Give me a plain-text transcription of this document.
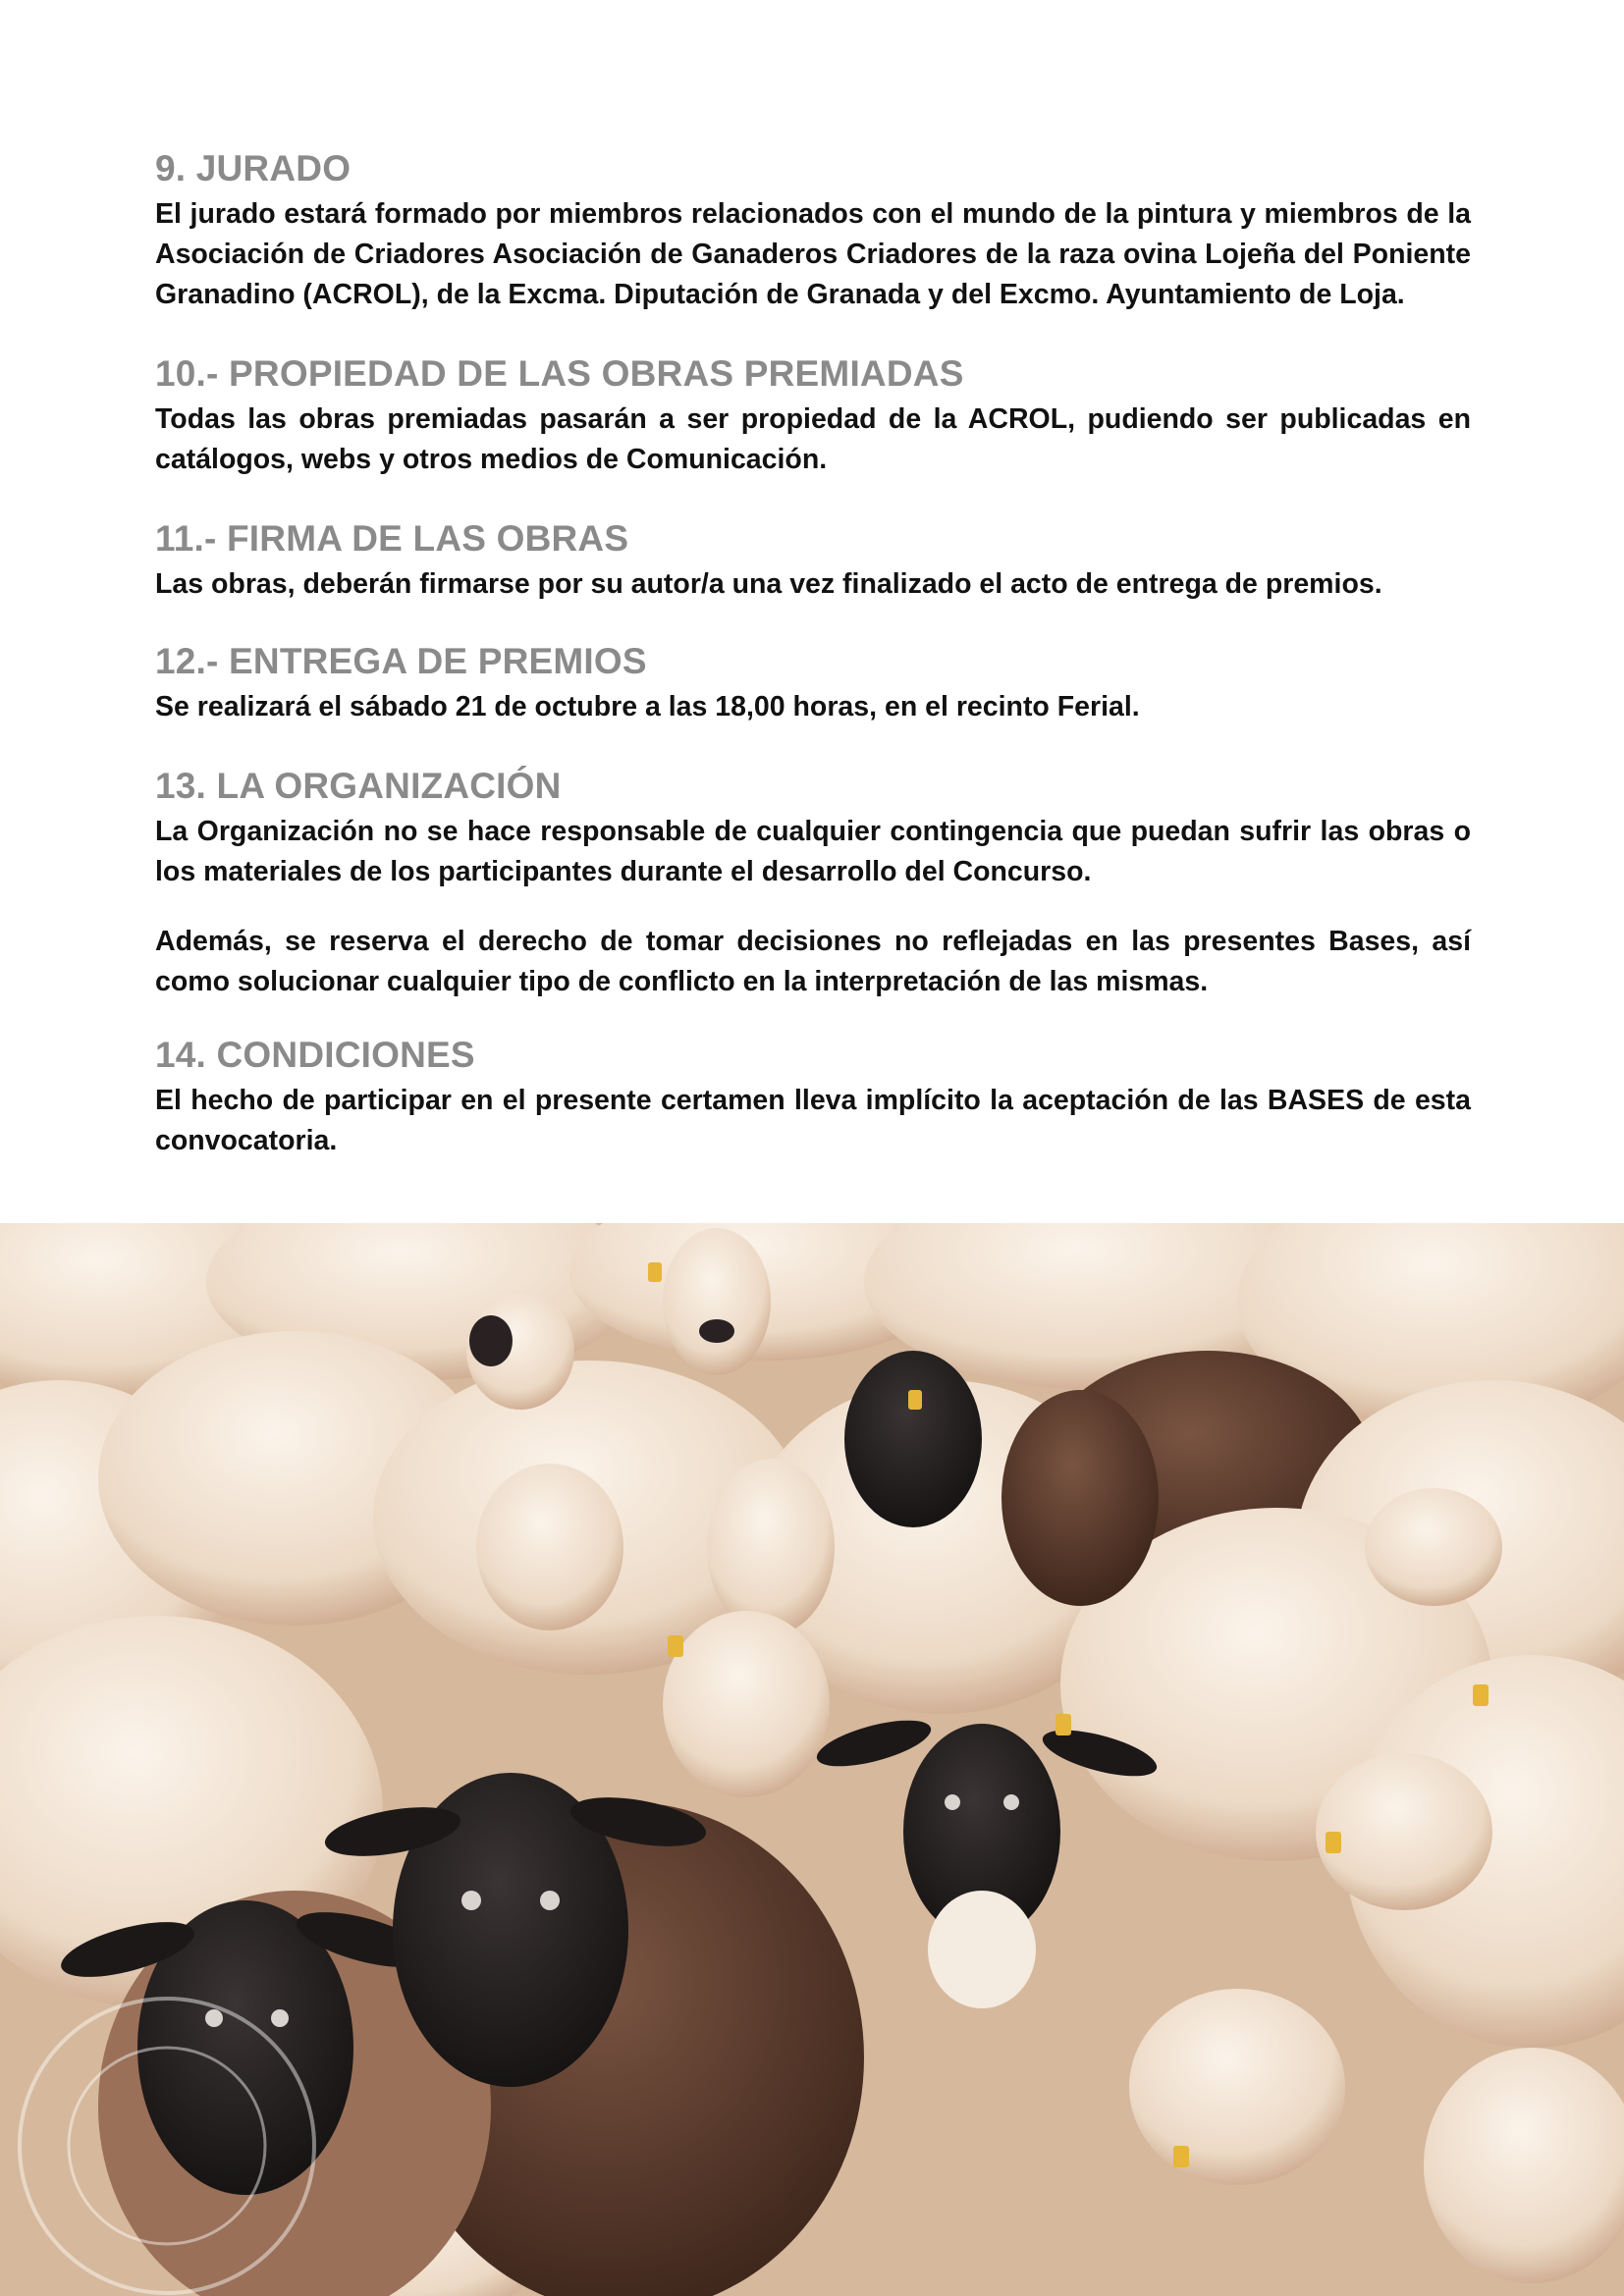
9. JURADO

El jurado estará formado por miembros relacionados con el mundo de la pintura y miembros de la Asociación de Criadores Asociación de Ganaderos Criadores de la raza ovina Lojeña del Poniente Granadino (ACROL), de la Excma. Diputación de Granada y del Excmo. Ayuntamiento de Loja.

10.- PROPIEDAD DE LAS OBRAS PREMIADAS

Todas las obras premiadas pasarán a ser propiedad de la ACROL, pudiendo ser publicadas en catálogos, webs y otros medios de Comunicación.

11.- FIRMA DE LAS OBRAS

Las obras, deberán firmarse por su autor/a una vez finalizado el acto de entrega de premios.

12.- ENTREGA DE PREMIOS

Se realizará el sábado 21 de octubre a las 18,00 horas, en el recinto Ferial.

13. LA ORGANIZACIÓN

La Organización no se hace responsable de cualquier contingencia que puedan sufrir las obras o los materiales de los participantes durante el desarrollo del Concurso.

Además, se reserva el derecho de tomar decisiones no reflejadas en las presentes Bases, así como solucionar cualquier tipo de conflicto en la interpretación de las mismas.

14. CONDICIONES

El hecho de participar en el presente certamen lleva implícito la aceptación de las BASES de esta convocatoria.
